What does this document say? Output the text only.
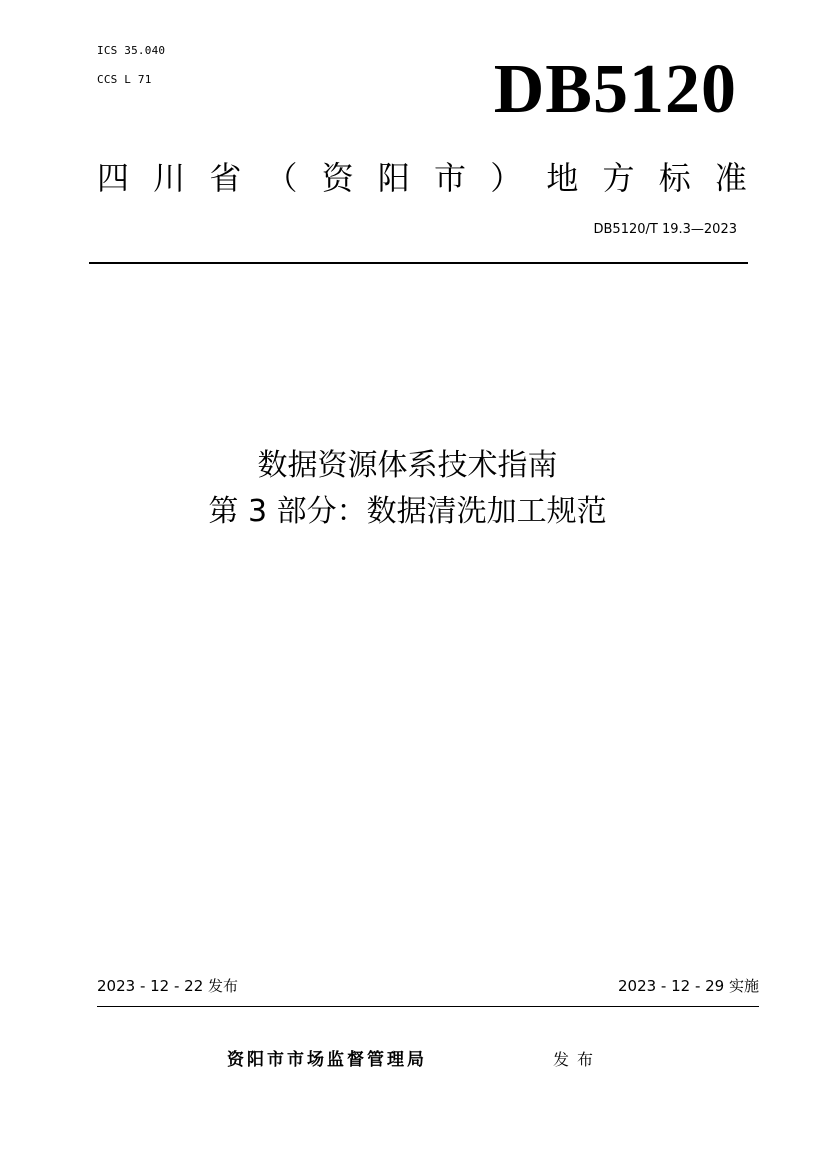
ICS 35.040
CCS L 71	DB5120
四 川 省 （ 资 阳 市 ） 地 方 标 准
DB5120/T 19.3—2023
数据资源体系技术指南
第 3 部分：数据清洗加工规范
2023 - 12 - 22 发布	2023 - 12 - 29 实施
资阳市市场监督管理局	发布
